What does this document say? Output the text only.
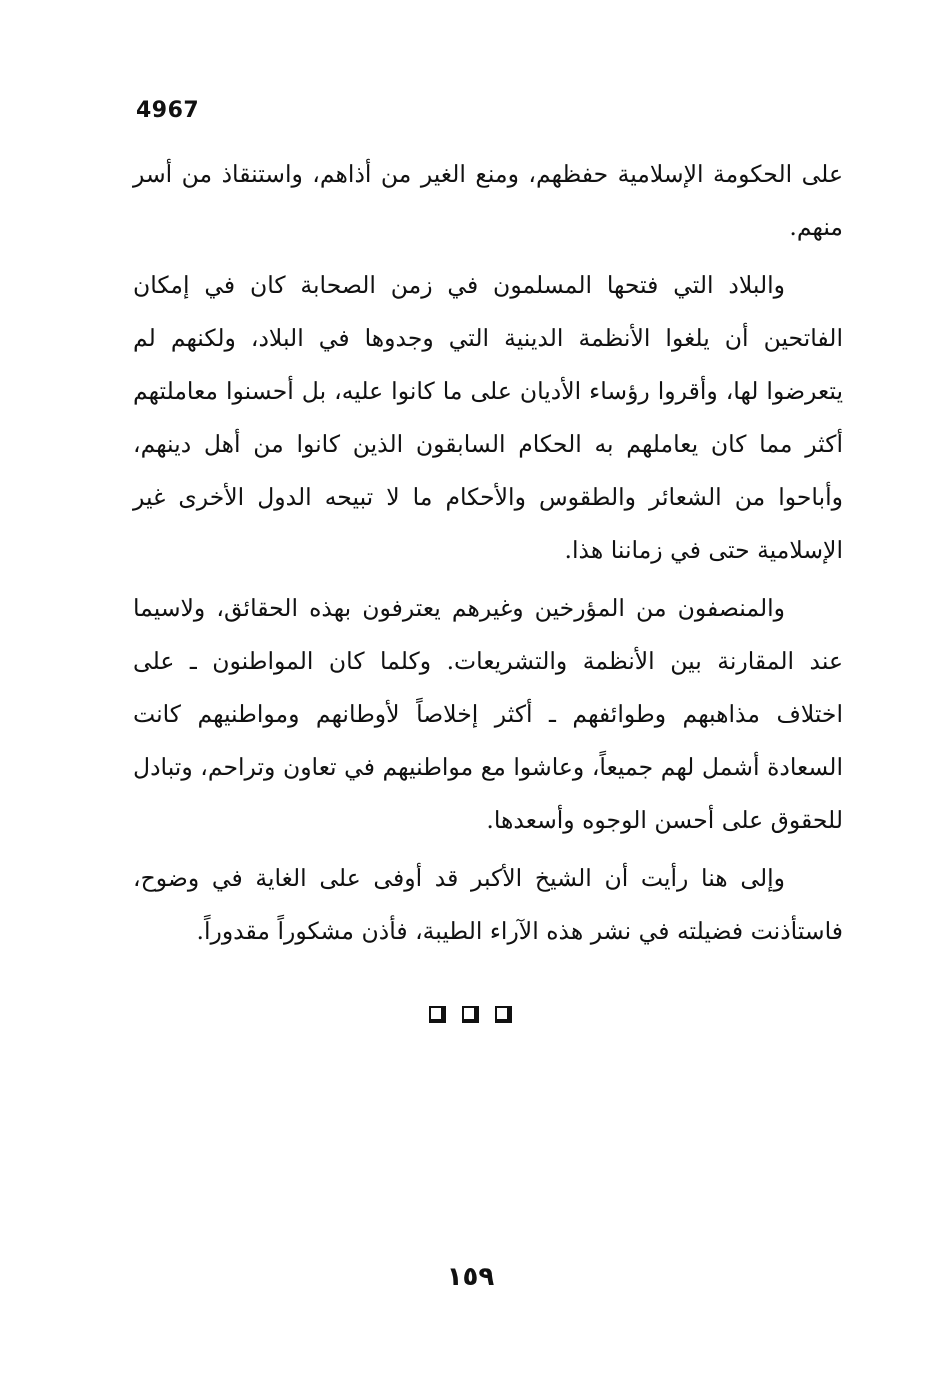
4967

على الحكومة الإسلامية حفظهم، ومنع الغير من أذاهم، واستنقاذ من أسر منهم.

والبلاد التي فتحها المسلمون في زمن الصحابة كان في إمكان الفاتحين أن يلغوا الأنظمة الدينية التي وجدوها في البلاد، ولكنهم لم يتعرضوا لها، وأقروا رؤساء الأديان على ما كانوا عليه، بل أحسنوا معاملتهم أكثر مما كان يعاملهم به الحكام السابقون الذين كانوا من أهل دينهم، وأباحوا من الشعائر والطقوس والأحكام ما لا تبيحه الدول الأخرى غير الإسلامية حتى في زماننا هذا.

والمنصفون من المؤرخين وغيرهم يعترفون بهذه الحقائق، ولاسيما عند المقارنة بين الأنظمة والتشريعات. وكلما كان المواطنون ـ على اختلاف مذاهبهم وطوائفهم ـ أكثر إخلاصاً لأوطانهم ومواطنيهم كانت السعادة أشمل لهم جميعاً، وعاشوا مع مواطنيهم في تعاون وتراحم، وتبادل للحقوق على أحسن الوجوه وأسعدها.

وإلى هنا رأيت أن الشيخ الأكبر قد أوفى على الغاية في وضوح، فاستأذنت فضيلته في نشر هذه الآراء الطيبة، فأذن مشكوراً مقدوراً.

١٥٩
